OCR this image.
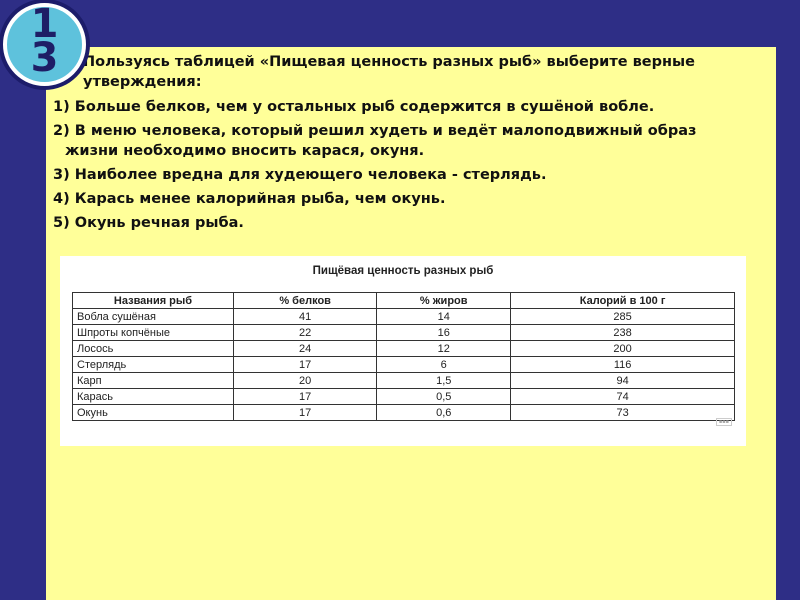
1
3	Пользуясь таблицей «Пищевая ценность разных рыб» выберите верные утверждения:
1) Больше белков, чем у остальных рыб содержится в сушёной вобле.
2) В меню человека, который решил худеть и ведёт малоподвижный образ
жизни необходимо вносить карася, окуня.
3) Наиболее вредна для худеющего человека - стерлядь.
4) Карась менее калорийная рыба, чем окунь.
5) Окунь речная рыба.
Пищёвая ценность разных рыб
Названия рыб	% белков	% жиров	Калорий в 100 г
Вобла сушёная	41	14	285
Шпроты копчёные	22	16	238
Лосось	24	12	200
Стерлядь	17	6	116
Карп	20	1,5	94
Карась	17	0,5	74
Окунь	17	0,6	73
▪▪▪
